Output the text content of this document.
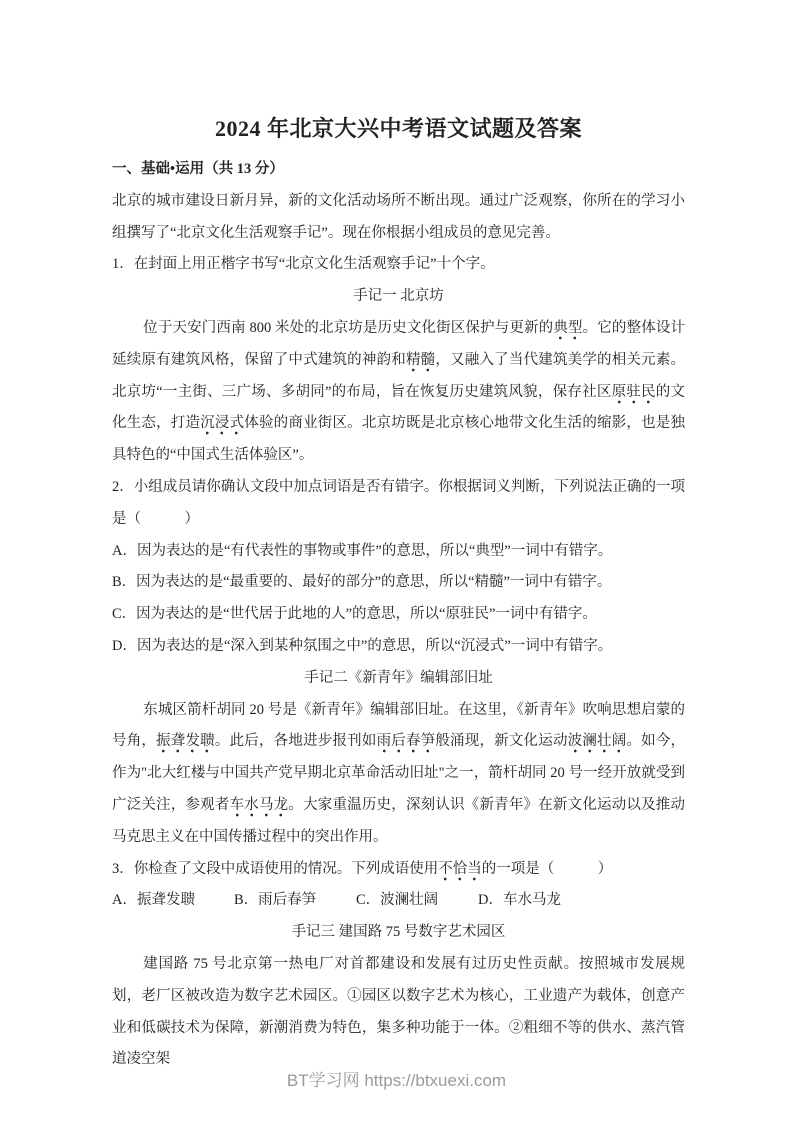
2024 年北京大兴中考语文试题及答案

一、基础•运用（共 13 分）

北京的城市建设日新月异，新的文化活动场所不断出现。通过广泛观察，你所在的学习小组撰写了“北京文化生活观察手记”。现在你根据小组成员的意见完善。

1．在封面上用正楷字书写“北京文化生活观察手记”十个字。

手记一 北京坊

位于天安门西南 800 米处的北京坊是历史文化街区保护与更新的典型。它的整体设计延续原有建筑风格，保留了中式建筑的神韵和精髓，又融入了当代建筑美学的相关元素。北京坊“一主街、三广场、多胡同”的布局，旨在恢复历史建筑风貌，保存社区原驻民的文化生态，打造沉浸式体验的商业街区。北京坊既是北京核心地带文化生活的缩影，也是独具特色的“中国式生活体验区”。

2．小组成员请你确认文段中加点词语是否有错字。你根据词义判断，下列说法正确的一项是（　　　）

A．因为表达的是“有代表性的事物或事件”的意思，所以“典型”一词中有错字。

B．因为表达的是“最重要的、最好的部分”的意思，所以“精髓”一词中有错字。

C．因为表达的是“世代居于此地的人”的意思，所以“原驻民”一词中有错字。

D．因为表达的是“深入到某种氛围之中”的意思，所以“沉浸式”一词中有错字。

手记二《新青年》编辑部旧址

东城区箭杆胡同 20 号是《新青年》编辑部旧址。在这里，《新青年》吹响思想启蒙的号角，振聋发聩。此后，各地进步报刊如雨后春笋般涌现，新文化运动波澜壮阔。如今，作为"北大红楼与中国共产党早期北京革命活动旧址"之一，箭杆胡同 20 号一经开放就受到广泛关注，参观者车水马龙。大家重温历史，深刻认识《新青年》在新文化运动以及推动马克思主义在中国传播过程中的突出作用。

3．你检查了文段中成语使用的情况。下列成语使用不恰当的一项是（　　　）

A．振聋发聩	B．雨后春笋	C．波澜壮阔	D．车水马龙

手记三 建国路 75 号数字艺术园区

建国路 75 号北京第一热电厂对首都建设和发展有过历史性贡献。按照城市发展规划，老厂区被改造为数字艺术园区。①园区以数字艺术为核心，工业遗产为载体，创意产业和低碳技术为保障，新潮消费为特色，集多种功能于一体。②粗细不等的供水、蒸汽管道凌空架

BT学习网 https://btxuexi.com
